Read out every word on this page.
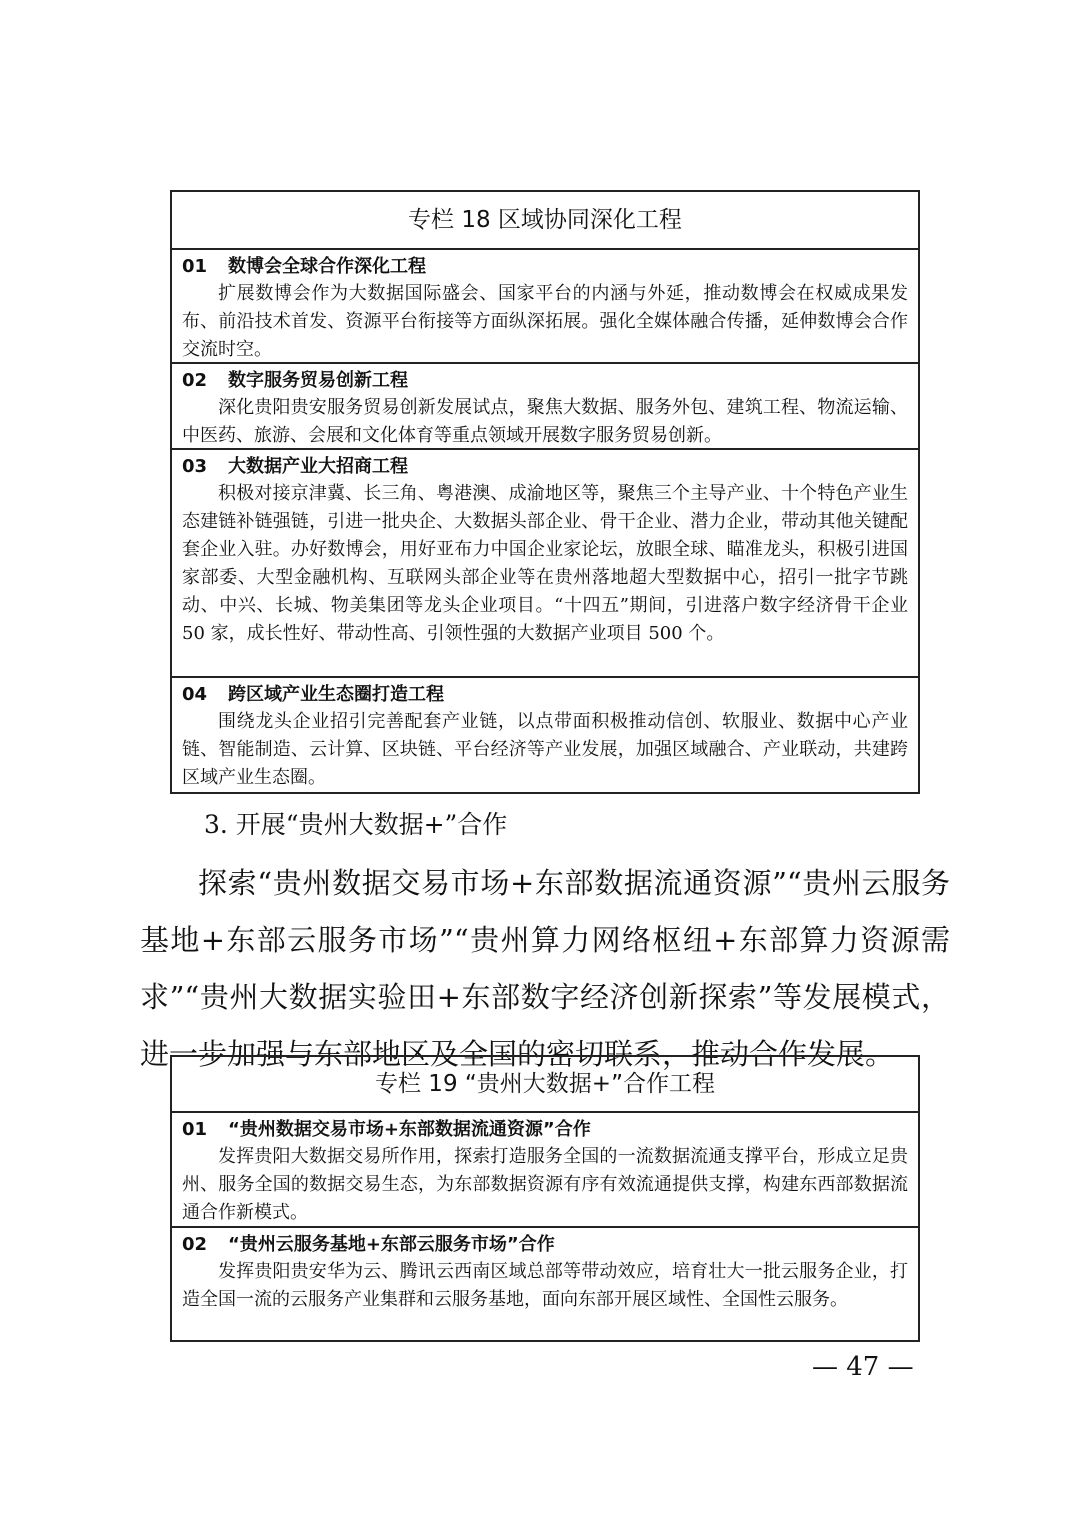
专栏 18 区域协同深化工程
01 数博会全球合作深化工程
扩展数博会作为大数据国际盛会、国家平台的内涵与外延，推动数博会在权威成果发布、前沿技术首发、资源平台衔接等方面纵深拓展。强化全媒体融合传播，延伸数博会合作交流时空。
02 数字服务贸易创新工程
深化贵阳贵安服务贸易创新发展试点，聚焦大数据、服务外包、建筑工程、物流运输、中医药、旅游、会展和文化体育等重点领域开展数字服务贸易创新。
03 大数据产业大招商工程
积极对接京津冀、长三角、粤港澳、成渝地区等，聚焦三个主导产业、十个特色产业生态建链补链强链，引进一批央企、大数据头部企业、骨干企业、潜力企业，带动其他关键配套企业入驻。办好数博会，用好亚布力中国企业家论坛，放眼全球、瞄准龙头，积极引进国家部委、大型金融机构、互联网头部企业等在贵州落地超大型数据中心，招引一批字节跳动、中兴、长城、物美集团等龙头企业项目。“十四五”期间，引进落户数字经济骨干企业 50 家，成长性好、带动性高、引领性强的大数据产业项目 500 个。
04 跨区域产业生态圈打造工程
围绕龙头企业招引完善配套产业链，以点带面积极推动信创、软服业、数据中心产业链、智能制造、云计算、区块链、平台经济等产业发展，加强区域融合、产业联动，共建跨区域产业生态圈。
3. 开展“贵州大数据+”合作
探索“贵州数据交易市场+东部数据流通资源”“贵州云服务基地+东部云服务市场”“贵州算力网络枢纽+东部算力资源需求”“贵州大数据实验田+东部数字经济创新探索”等发展模式，进一步加强与东部地区及全国的密切联系，推动合作发展。
专栏 19 “贵州大数据+”合作工程
01 “贵州数据交易市场+东部数据流通资源”合作
发挥贵阳大数据交易所作用，探索打造服务全国的一流数据流通支撑平台，形成立足贵州、服务全国的数据交易生态，为东部数据资源有序有效流通提供支撑，构建东西部数据流通合作新模式。
02 “贵州云服务基地+东部云服务市场”合作
发挥贵阳贵安华为云、腾讯云西南区域总部等带动效应，培育壮大一批云服务企业，打造全国一流的云服务产业集群和云服务基地，面向东部开展区域性、全国性云服务。
— 47 —
